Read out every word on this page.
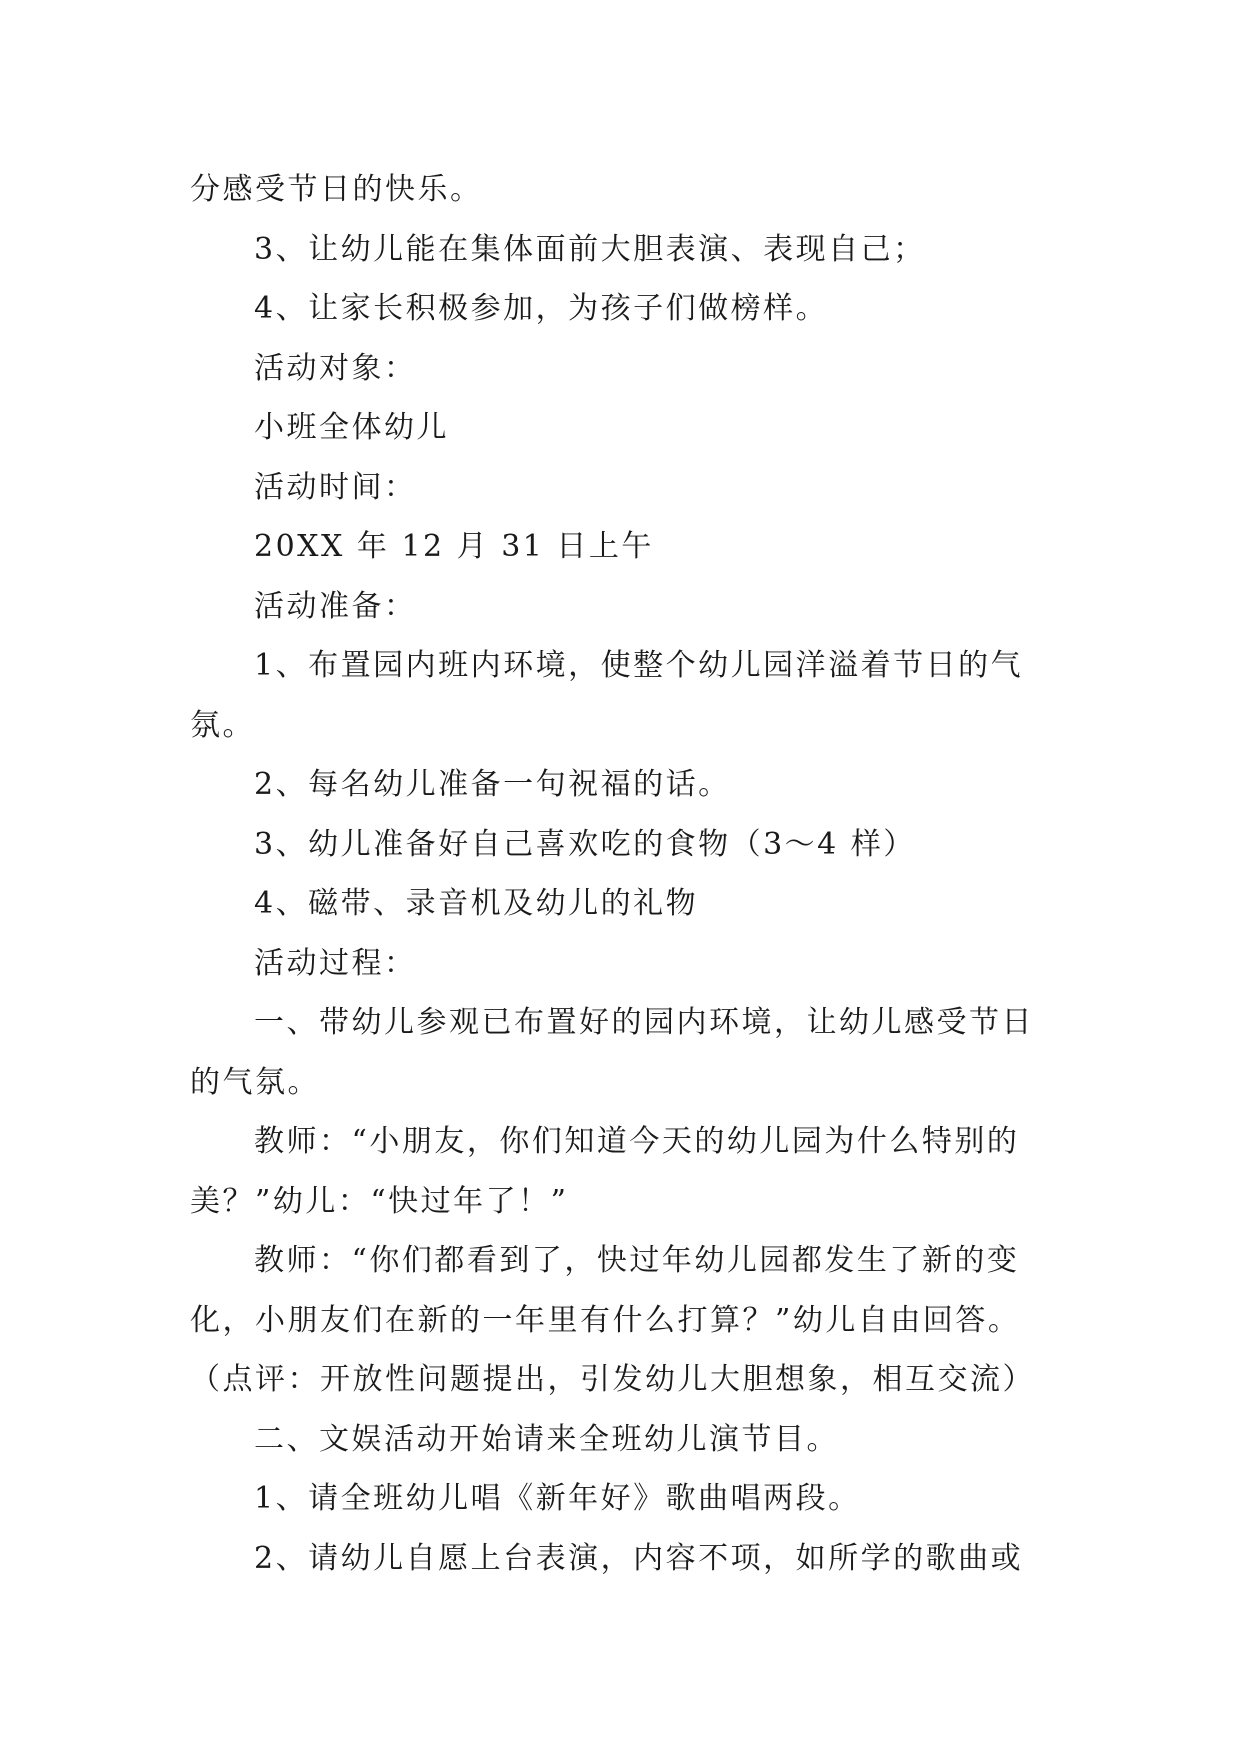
分感受节日的快乐。

3、让幼儿能在集体面前大胆表演、表现自己；

4、让家长积极参加，为孩子们做榜样。

活动对象：

小班全体幼儿

活动时间：

20XX 年 12 月 31 日上午

活动准备：

1、布置园内班内环境，使整个幼儿园洋溢着节日的气氛。

2、每名幼儿准备一句祝福的话。

3、幼儿准备好自己喜欢吃的食物（3～4 样）

4、磁带、录音机及幼儿的礼物

活动过程：

一、带幼儿参观已布置好的园内环境，让幼儿感受节日的气氛。

教师：“小朋友，你们知道今天的幼儿园为什么特别的美？”幼儿：“快过年了！”

教师：“你们都看到了，快过年幼儿园都发生了新的变化，小朋友们在新的一年里有什么打算？”幼儿自由回答。（点评：开放性问题提出，引发幼儿大胆想象，相互交流）

二、文娱活动开始请来全班幼儿演节目。

1、请全班幼儿唱《新年好》歌曲唱两段。

2、请幼儿自愿上台表演，内容不项，如所学的歌曲或
